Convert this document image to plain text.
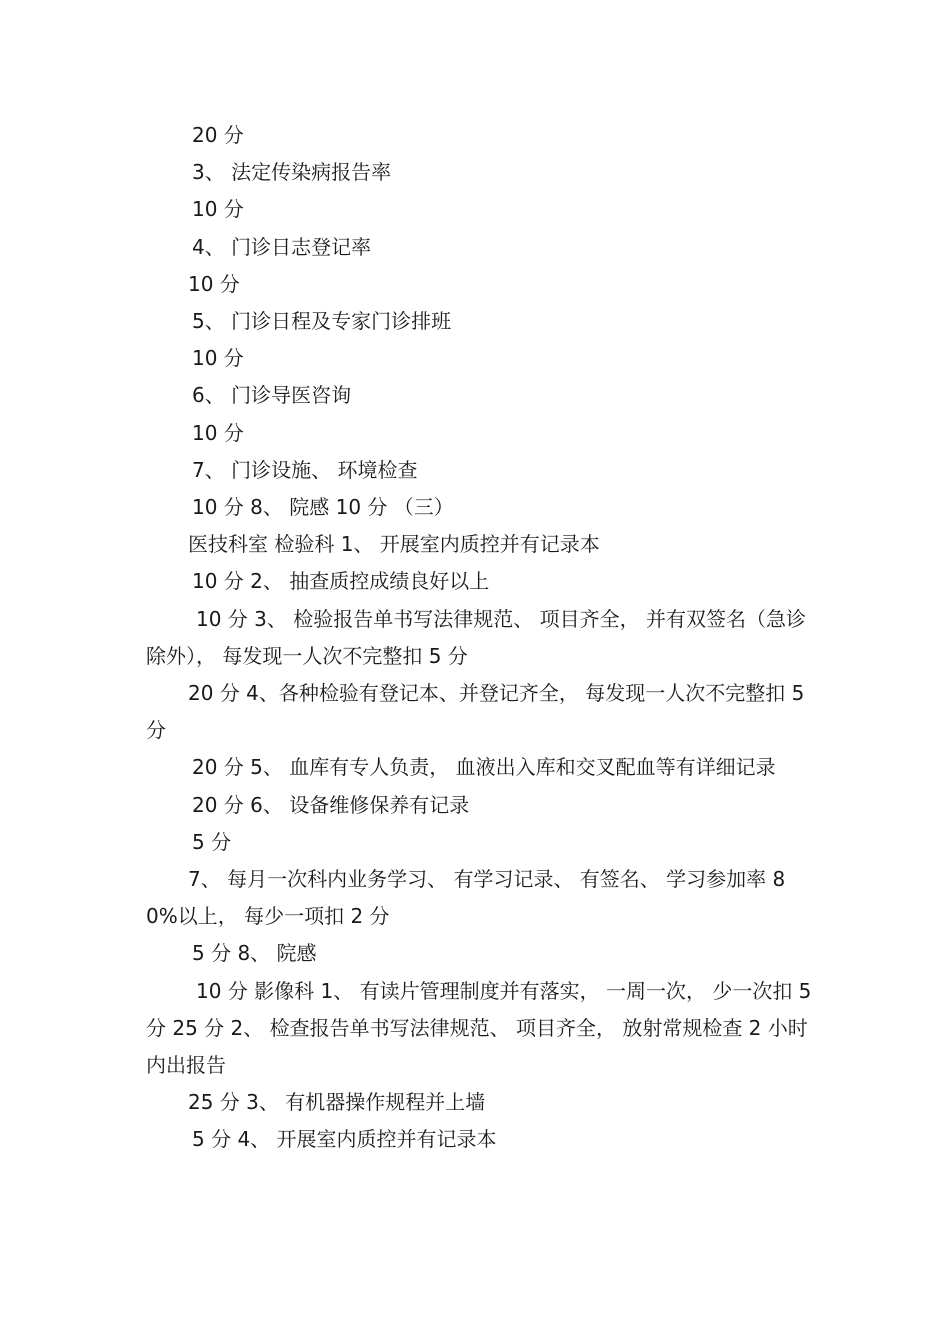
20 分

3、 法定传染病报告率

10 分

4、 门诊日志登记率

10 分

5、 门诊日程及专家门诊排班

10 分

6、 门诊导医咨询

10 分

7、 门诊设施、 环境检查

10 分 8、 院感 10 分 （三）

医技科室 检验科 1、 开展室内质控并有记录本

10 分 2、 抽查质控成绩良好以上

10 分 3、 检验报告单书写法律规范、 项目齐全， 并有双签名（急诊除外）， 每发现一人次不完整扣 5 分

20 分 4、各种检验有登记本、并登记齐全， 每发现一人次不完整扣 5 分

20 分 5、 血库有专人负责， 血液出入库和交叉配血等有详细记录

20 分 6、 设备维修保养有记录

5 分

7、 每月一次科内业务学习、 有学习记录、 有签名、 学习参加率 80%以上， 每少一项扣 2 分

5 分 8、 院感

10 分 影像科 1、 有读片管理制度并有落实， 一周一次， 少一次扣 5 分 25 分 2、 检查报告单书写法律规范、 项目齐全， 放射常规检查 2 小时内出报告

25 分 3、 有机器操作规程并上墙

5 分 4、 开展室内质控并有记录本
